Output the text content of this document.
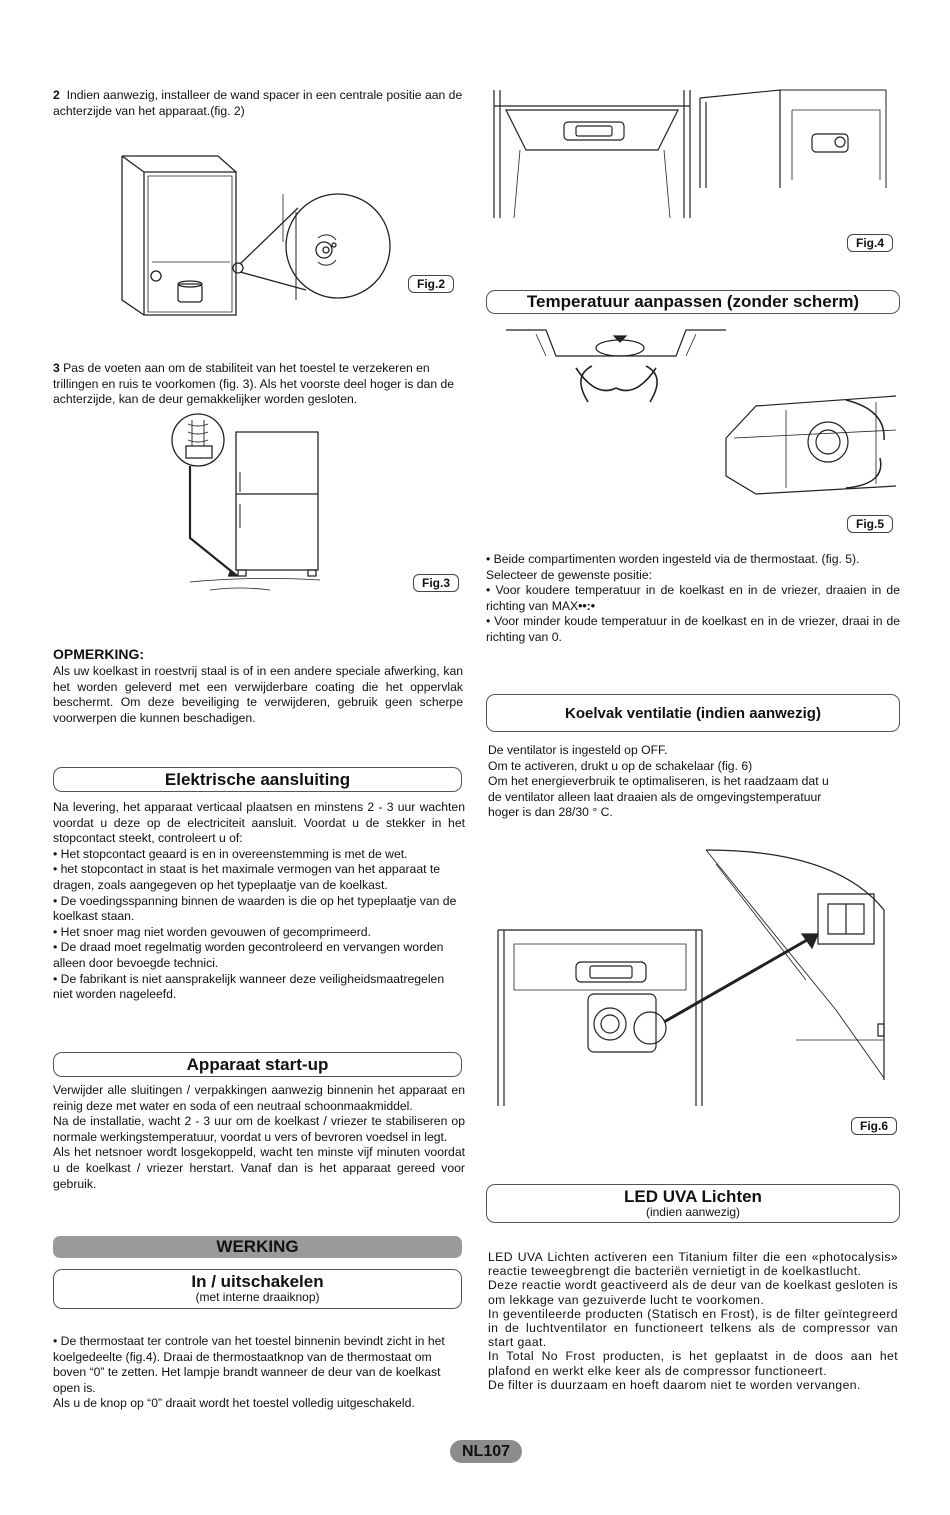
2 Indien aanwezig, installeer de wand spacer in een centrale positie aan de achterzijde van het apparaat.(fig. 2)
Fig.2
3 Pas de voeten aan om de stabiliteit van het toestel te verzekeren en trillingen en ruis te voorkomen (fig. 3). Als het voorste deel hoger is dan de achterzijde, kan de deur gemakkelijker worden gesloten.
Fig.3
OPMERKING:
Als uw koelkast in roestvrij staal is of in een andere speciale afwerking, kan het worden geleverd met een verwijderbare coating die het oppervlak beschermt. Om deze beveiliging te verwijderen, gebruik geen scherpe voorwerpen die kunnen beschadigen.
Elektrische aansluiting

Na levering, het apparaat verticaal plaatsen en minstens 2 - 3 uur wachten voordat u deze op de electriciteit aansluit. Voordat u de stekker in het stopcontact steekt, controleert u of:

• Het stopcontact geaard is en in overeenstemming is met de wet.
• het stopcontact in staat is het maximale vermogen van het apparaat te dragen, zoals aangegeven op het typeplaatje van de koelkast.
• De voedingsspanning binnen de waarden is die op het typeplaatje van de koelkast staan.
• Het snoer mag niet worden gevouwen of gecomprimeerd.
• De draad moet regelmatig worden gecontroleerd en vervangen worden alleen door bevoegde technici.
• De fabrikant is niet aansprakelijk wanneer deze veiligheidsmaatregelen niet worden nageleefd.
Apparaat start-up

Verwijder alle sluitingen / verpakkingen aanwezig binnenin het apparaat en reinig deze met water en soda of een neutraal schoonmaakmiddel.

Na de installatie, wacht 2 - 3 uur om de koelkast / vriezer te stabiliseren op normale werkingstemperatuur, voordat u vers of bevroren voedsel in legt.

Als het netsnoer wordt losgekoppeld, wacht ten minste vijf minuten voordat u de koelkast / vriezer herstart. Vanaf dan is het apparaat gereed voor gebruik.

WERKING
In / uitschakelen
(met interne draaiknop)

• De thermostaat ter controle van het toestel binnenin bevindt zicht in het koelgedeelte (fig.4). Draai de thermostaatknop van de thermostaat om boven “0” te zetten. Het lampje brandt wanneer de deur van de koelkast open is.

Als u de knop op “0” draait wordt het toestel volledig uitgeschakeld.

Fig.4
Temperatuur aanpassen (zonder scherm)
Fig.5
• Beide compartimenten worden ingesteld via de thermostaat. (fig. 5).
Selecteer de gewenste positie:
• Voor koudere temperatuur in de koelkast en in de vriezer, draaien in de richting van MAX••:•
• Voor minder koude temperatuur in de koelkast en in de vriezer, draai in de richting van 0.
Koelvak ventilatie (indien aanwezig)
De ventilator is ingesteld op OFF.
Om te activeren, drukt u op de schakelaar (fig. 6)
Om het energieverbruik te optimaliseren, is het raadzaam dat u
de ventilator alleen laat draaien als de omgevingstemperatuur
hoger is dan 28/30 ° C.
Fig.6
LED UVA Lichten
(indien aanwezig)

LED UVA Lichten activeren een Titanium filter die een «photocalysis» reactie teweegbrengt die bacteriën vernietigt in de koelkastlucht.

Deze reactie wordt geactiveerd als de deur van de koelkast gesloten is om lekkage van gezuiverde lucht te voorkomen.

In geventileerde producten (Statisch en Frost), is de filter geïntegreerd in de luchtventilator en functioneert telkens als de compressor van start gaat.

In Total No Frost producten, is het geplaatst in de doos aan het plafond en werkt elke keer als de compressor functioneert.

De filter is duurzaam en hoeft daarom niet te worden vervangen.

NL107
